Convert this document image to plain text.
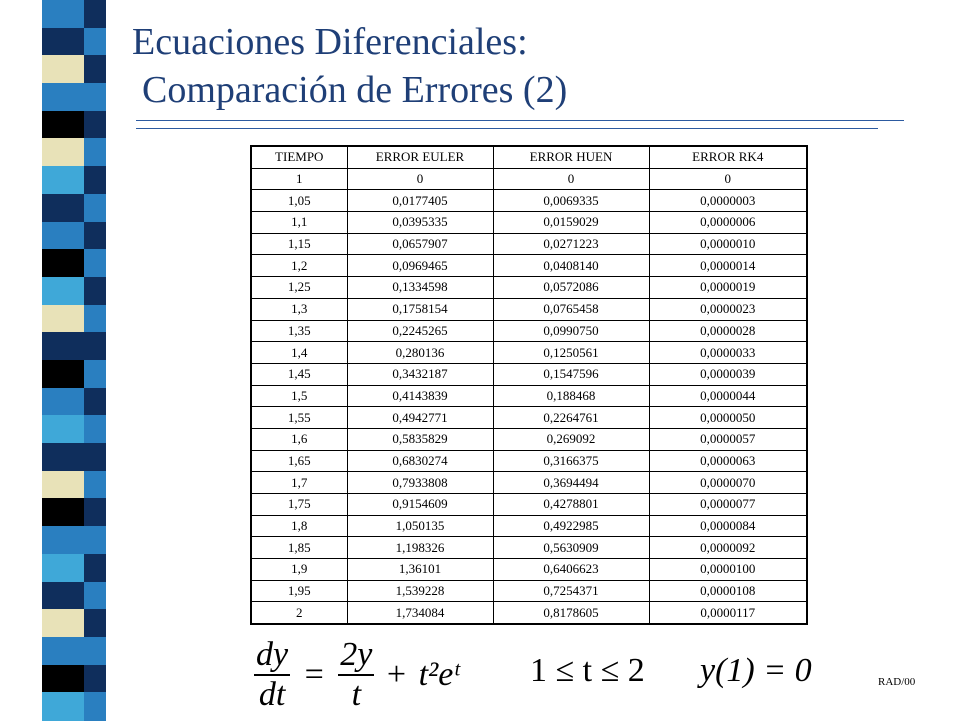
Ecuaciones Diferenciales:
Comparación de Errores (2)
TIEMPO	ERROR EULER	ERROR HUEN	ERROR RK4
1	0	0	0
1,05	0,0177405	0,0069335	0,0000003
1,1	0,0395335	0,0159029	0,0000006
1,15	0,0657907	0,0271223	0,0000010
1,2	0,0969465	0,0408140	0,0000014
1,25	0,1334598	0,0572086	0,0000019
1,3	0,1758154	0,0765458	0,0000023
1,35	0,2245265	0,0990750	0,0000028
1,4	0,280136	0,1250561	0,0000033
1,45	0,3432187	0,1547596	0,0000039
1,5	0,4143839	0,188468	0,0000044
1,55	0,4942771	0,2264761	0,0000050
1,6	0,5835829	0,269092	0,0000057
1,65	0,6830274	0,3166375	0,0000063
1,7	0,7933808	0,3694494	0,0000070
1,75	0,9154609	0,4278801	0,0000077
1,8	1,050135	0,4922985	0,0000084
1,85	1,198326	0,5630909	0,0000092
1,9	1,36101	0,6406623	0,0000100
1,95	1,539228	0,7254371	0,0000108
2	1,734084	0,8178605	0,0000117
$\frac{dy}{dt} = \frac{2y}{t}$ + t²eᵗ 1 ≤ t ≤ 2 y(1) = 0	RAD/00
